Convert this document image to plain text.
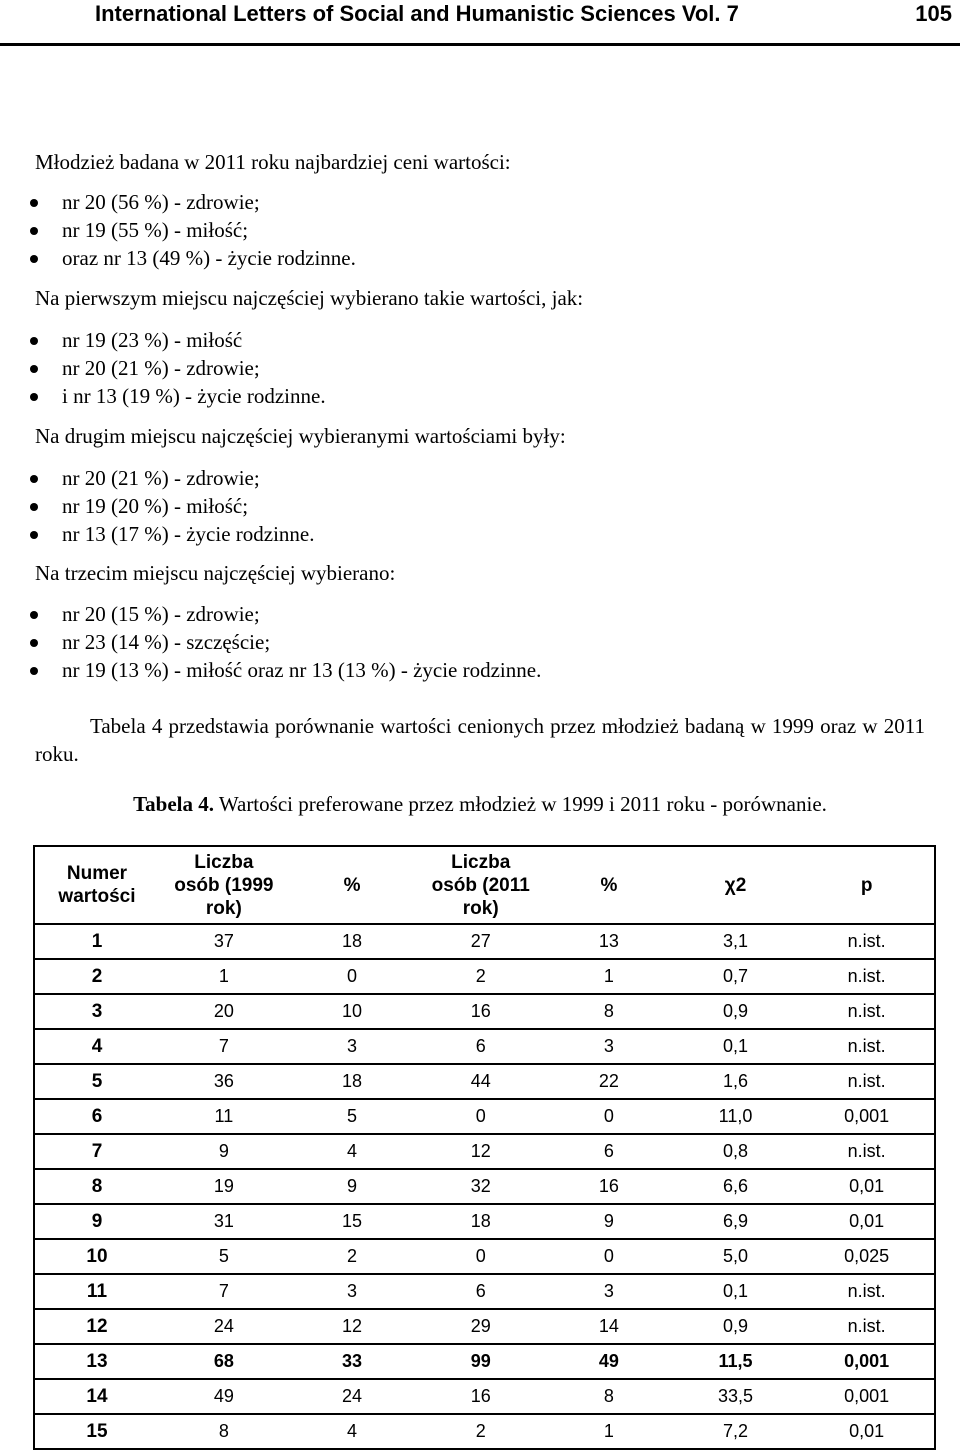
International Letters of Social and Humanistic Sciences Vol. 7	105
Młodzież badana w 2011 roku najbardziej ceni wartości:
nr 20 (56 %) - zdrowie;
nr 19 (55 %) - miłość;
oraz nr 13 (49 %) - życie rodzinne.
Na pierwszym miejscu najczęściej wybierano takie wartości, jak:
nr 19 (23 %) - miłość
nr 20 (21 %) - zdrowie;
i nr 13 (19 %) - życie rodzinne.
Na drugim miejscu najczęściej wybieranymi wartościami były:
nr 20 (21 %) - zdrowie;
nr 19 (20 %) - miłość;
nr 13 (17 %) - życie rodzinne.
Na trzecim miejscu najczęściej wybierano:
nr 20 (15 %) - zdrowie;
nr 23 (14 %) - szczęście;
nr 19 (13 %) - miłość oraz nr 13 (13 %) - życie rodzinne.
Tabela 4 przedstawia porównanie wartości cenionych przez młodzież badaną w 1999 oraz w 2011 roku.
Tabela 4. Wartości preferowane przez młodzież w 1999 i 2011 roku - porównanie.
Numer wartości	Liczba osób (1999 rok)	%	Liczba osób (2011 rok)	%	χ2	p
1	37	18	27	13	3,1	n.ist.
2	1	0	2	1	0,7	n.ist.
3	20	10	16	8	0,9	n.ist.
4	7	3	6	3	0,1	n.ist.
5	36	18	44	22	1,6	n.ist.
6	11	5	0	0	11,0	0,001
7	9	4	12	6	0,8	n.ist.
8	19	9	32	16	6,6	0,01
9	31	15	18	9	6,9	0,01
10	5	2	0	0	5,0	0,025
11	7	3	6	3	0,1	n.ist.
12	24	12	29	14	0,9	n.ist.
13	68	33	99	49	11,5	0,001
14	49	24	16	8	33,5	0,001
15	8	4	2	1	7,2	0,01
